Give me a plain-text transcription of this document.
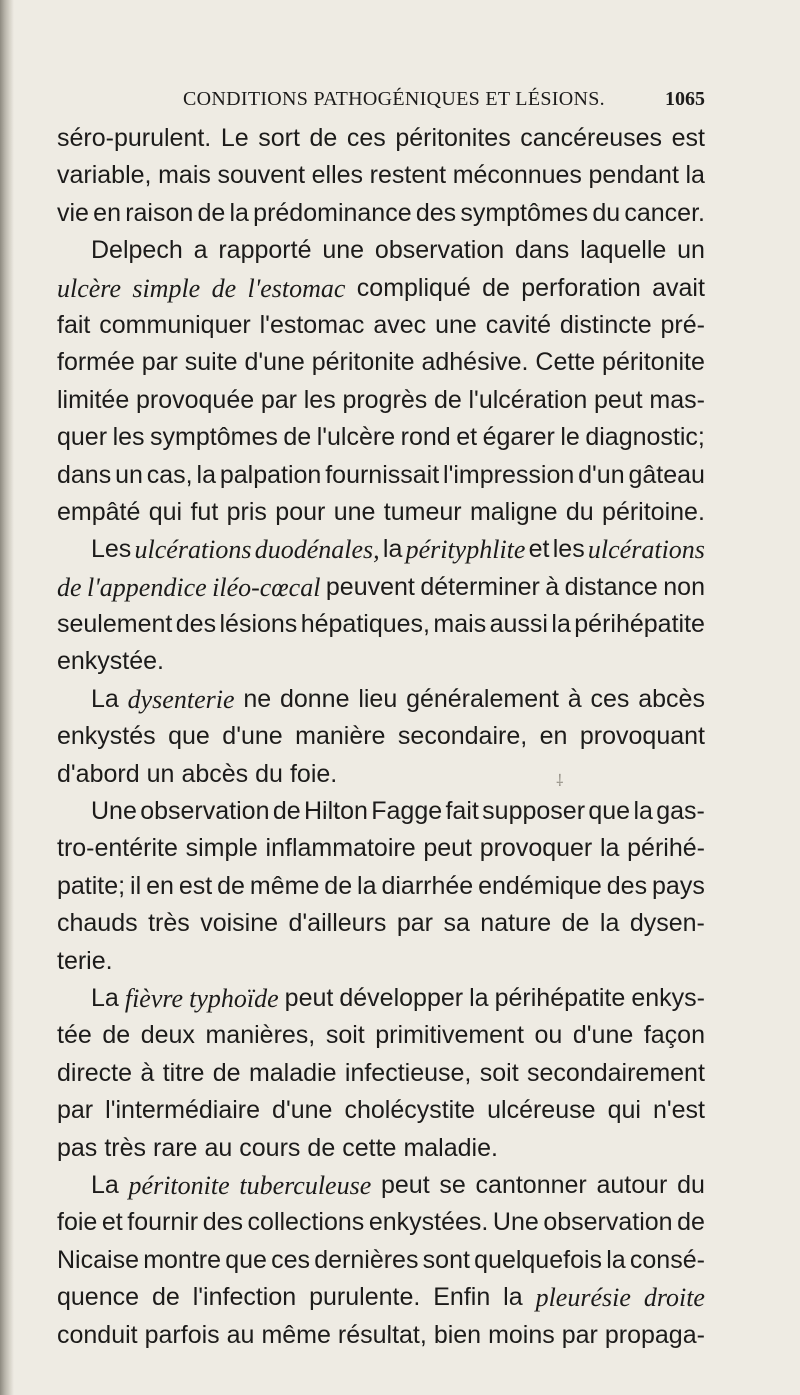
CONDITIONS PATHOGÉNIQUES ET LÉSIONS.	1065
séro-purulent. Le sort de ces péritonites cancéreuses est
variable, mais souvent elles restent méconnues pendant la
vie en raison de la prédominance des symptômes du cancer.
Delpech a rapporté une observation dans laquelle un
ulcère simple de l'estomac compliqué de perforation avait
fait communiquer l'estomac avec une cavité distincte pré-
formée par suite d'une péritonite adhésive. Cette péritonite
limitée provoquée par les progrès de l'ulcération peut mas-
quer les symptômes de l'ulcère rond et égarer le diagnostic;
dans un cas, la palpation fournissait l'impression d'un gâteau
empâté qui fut pris pour une tumeur maligne du péritoine.
Les ulcérations duodénales, la pérityphlite et les ulcérations
de l'appendice iléo-cœcal peuvent déterminer à distance non
seulement des lésions hépatiques, mais aussi la périhépatite
enkystée.
La dysenterie ne donne lieu généralement à ces abcès
enkystés que d'une manière secondaire, en provoquant
d'abord un abcès du foie.
Une observation de Hilton Fagge fait supposer que la gas-
tro-entérite simple inflammatoire peut provoquer la périhé-
patite; il en est de même de la diarrhée endémique des pays
chauds très voisine d'ailleurs par sa nature de la dysen-
terie.
La fièvre typhoïde peut développer la périhépatite enkys-
tée de deux manières, soit primitivement ou d'une façon
directe à titre de maladie infectieuse, soit secondairement
par l'intermédiaire d'une cholécystite ulcéreuse qui n'est
pas très rare au cours de cette maladie.
La péritonite tuberculeuse peut se cantonner autour du
foie et fournir des collections enkystées. Une observation de
Nicaise montre que ces dernières sont quelquefois la consé-
quence de l'infection purulente. Enfin la pleurésie droite
conduit parfois au même résultat, bien moins par propaga-
⸸
